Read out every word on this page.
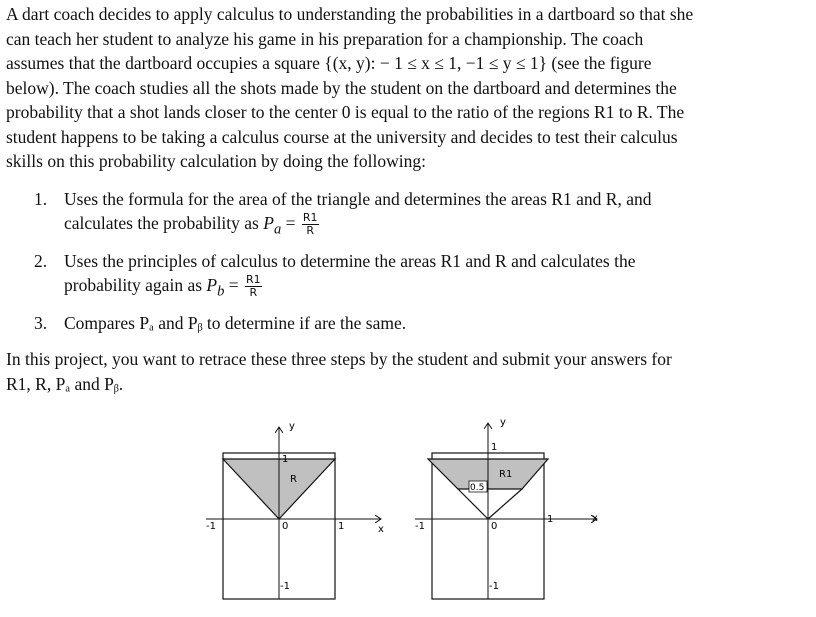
A dart coach decides to apply calculus to understanding the probabilities in a dartboard so that she
can teach her student to analyze his game in his preparation for a championship. The coach
assumes that the dartboard occupies a square {(x, y): − 1 ≤ x ≤ 1, −1 ≤ y ≤ 1} (see the figure
below). The coach studies all the shots made by the student on the dartboard and determines the
probability that a shot lands closer to the center 0 is equal to the ratio of the regions R1 to R. The
student happens to be taking a calculus course at the university and decides to test their calculus
skills on this probability calculation by doing the following:
1. Uses the formula for the area of the triangle and determines the areas R1 and R, and
calculates the probability as $P_a = \frac{R1}{R}$
2. Uses the principles of calculus to determine the areas R1 and R and calculates the
probability again as $P_b = \frac{R1}{R}$
3. Compares Pₐ and Pᵦ to determine if are the same.
In this project, you want to retrace these three steps by the student and submit your answers for
R1, R, Pₐ and Pᵦ.
y
x
1
-1
-1	1
0
R
y
x
1
-1
-1
1
0
0.5
R1
